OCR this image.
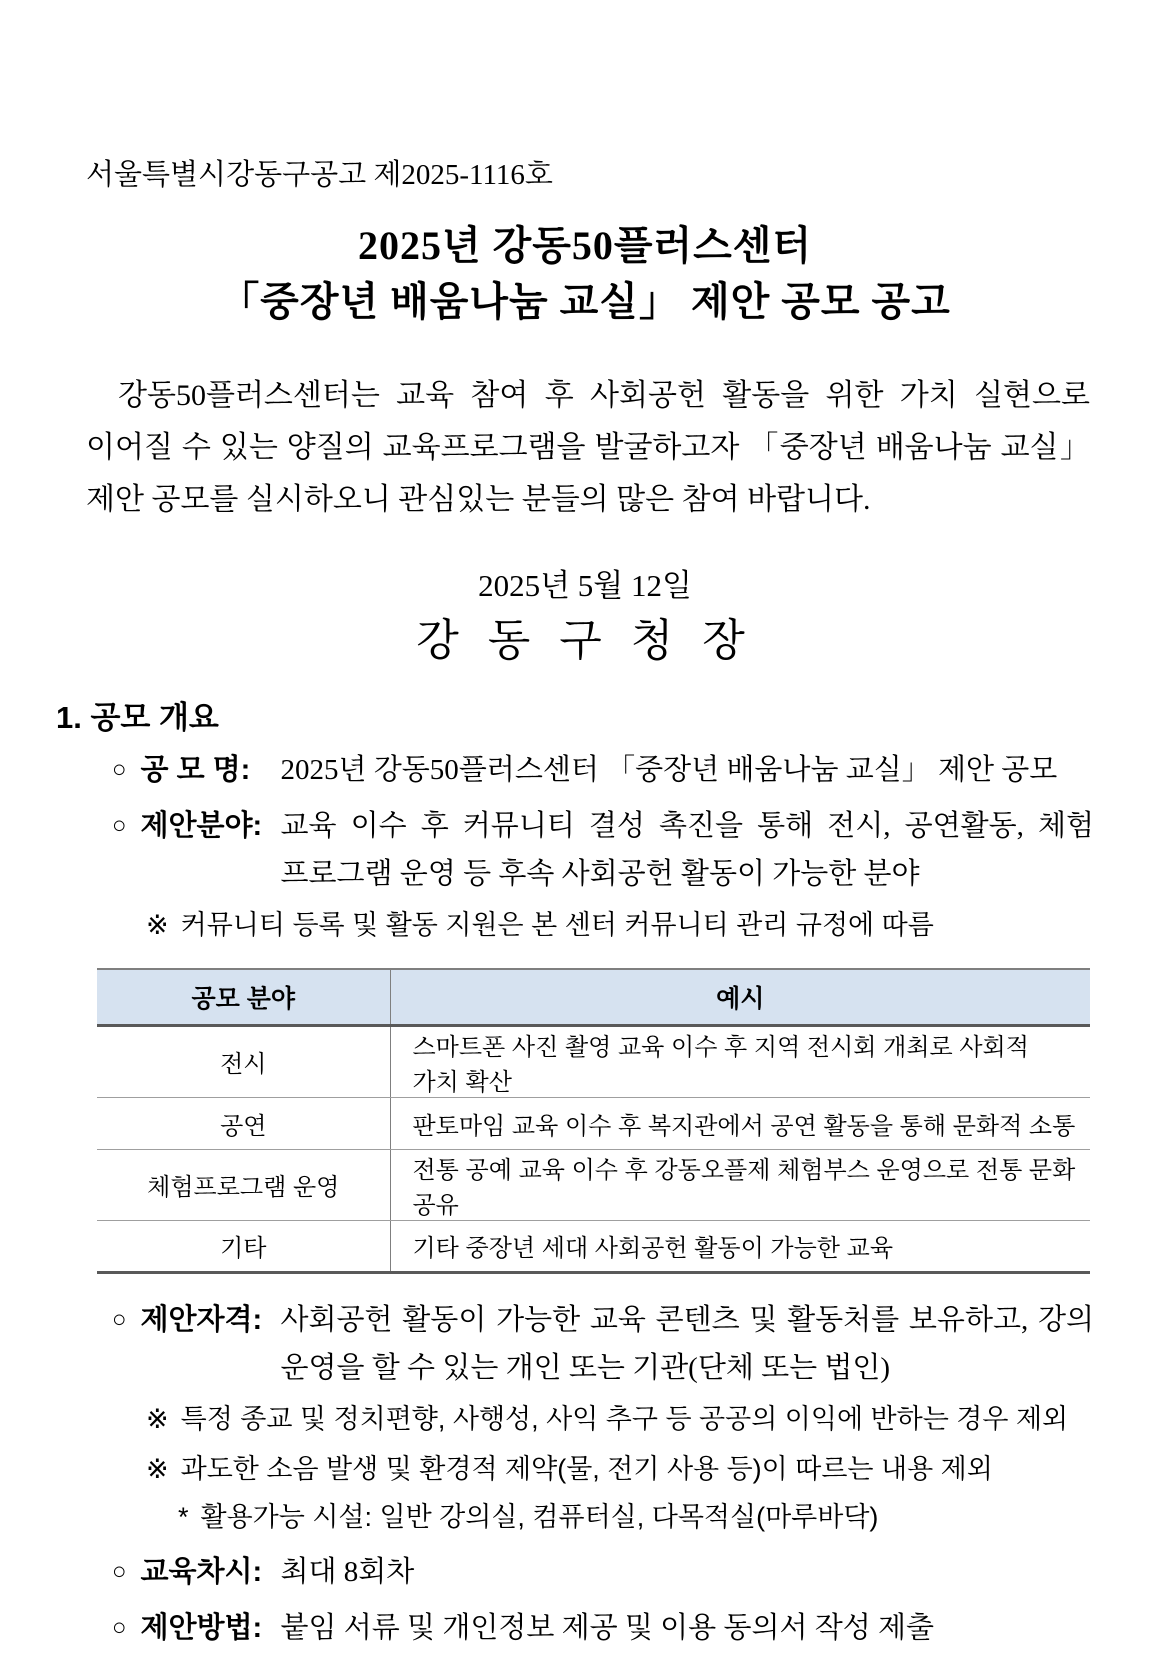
서울특별시강동구공고 제2025-1116호
2025년 강동50플러스센터
「중장년 배움나눔 교실」 제안 공모 공고
강동50플러스센터는 교육 참여 후 사회공헌 활동을 위한 가치 실현으로 이어질 수 있는 양질의 교육프로그램을 발굴하고자 「중장년 배움나눔 교실」 제안 공모를 실시하오니 관심있는 분들의 많은 참여 바랍니다.
2025년 5월 12일
강 동 구 청 장
1. 공모 개요
○ 공 모 명:	2025년 강동50플러스센터 「중장년 배움나눔 교실」 제안 공모
○ 제안분야: 교육 이수 후 커뮤니티 결성 촉진을 통해 전시, 공연활동, 체험 프로그램 운영 등 후속 사회공헌 활동이 가능한 분야
※ 커뮤니티 등록 및 활동 지원은 본 센터 커뮤니티 관리 규정에 따름
공모 분야	예시
전시	스마트폰 사진 촬영 교육 이수 후 지역 전시회 개최로 사회적 가치 확산
공연	판토마임 교육 이수 후 복지관에서 공연 활동을 통해 문화적 소통
체험프로그램 운영	전통 공예 교육 이수 후 강동오플제 체험부스 운영으로 전통 문화 공유
기타	기타 중장년 세대 사회공헌 활동이 가능한 교육
○ 제안자격: 사회공헌 활동이 가능한 교육 콘텐츠 및 활동처를 보유하고, 강의 운영을 할 수 있는 개인 또는 기관(단체 또는 법인)
※ 특정 종교 및 정치편향, 사행성, 사익 추구 등 공공의 이익에 반하는 경우 제외
※ 과도한 소음 발생 및 환경적 제약(물, 전기 사용 등)이 따르는 내용 제외
* 활용가능 시설: 일반 강의실, 컴퓨터실, 다목적실(마루바닥)
○ 교육차시: 최대 8회차
○ 제안방법: 붙임 서류 및 개인정보 제공 및 이용 동의서 작성 제출
